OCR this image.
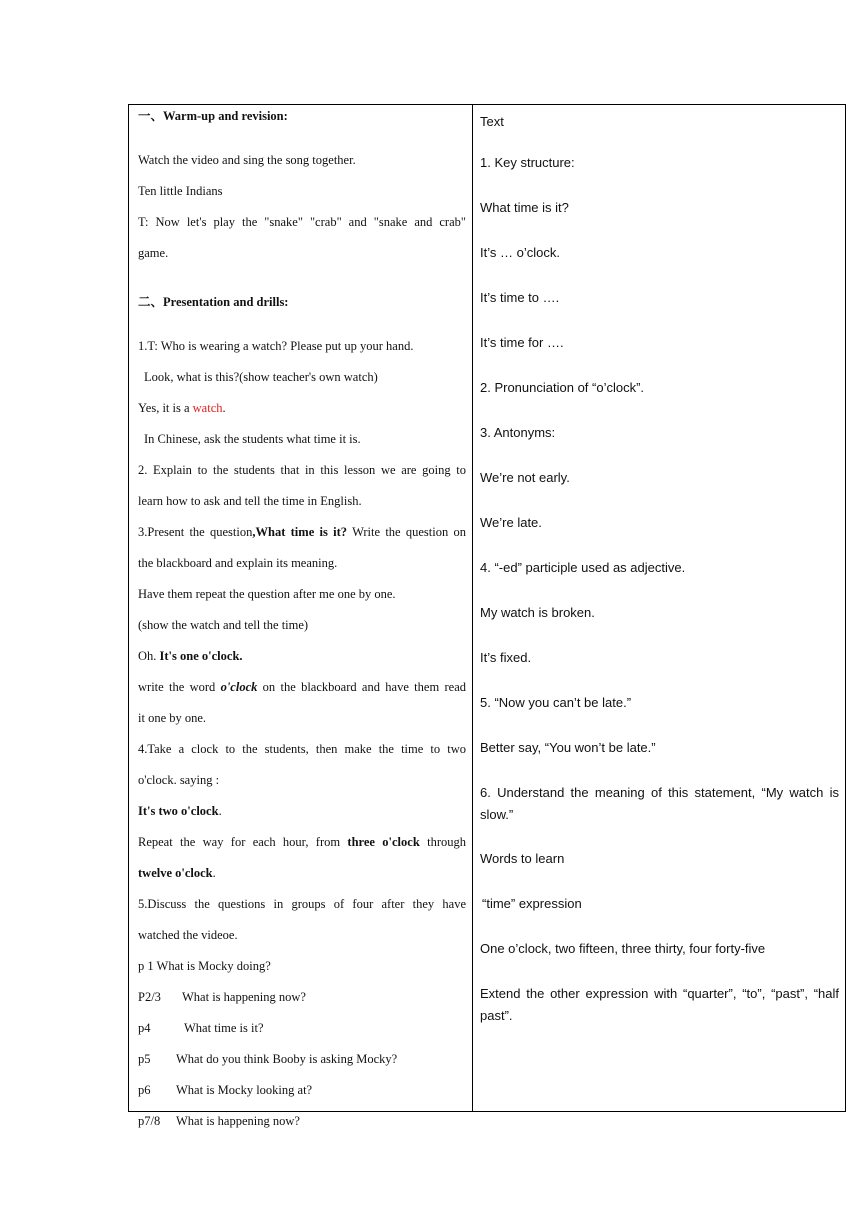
一、Warm-up and revision:
Watch the video and sing the song together.
Ten little Indians
T: Now let's play the "snake" "crab" and "snake and crab"
game.
二、Presentation and drills:
1.T: Who is wearing a watch? Please put up your hand.
Look, what is this?(show teacher's own watch)
Yes, it is a watch.
In Chinese, ask the students what time it is.
2. Explain to the students that in this lesson we are going to
learn how to ask and tell the time in English.
3.Present the question,What time is it? Write the question on
the blackboard and explain its meaning.
Have them repeat the question after me one by one.
(show the watch and tell the time)
Oh. It's one o'clock.
write the word o'clock on the blackboard and have them read
it one by one.
4.Take a clock to the students, then make the time to two
o'clock. saying :
It's two o'clock.
Repeat the way for each hour, from three o'clock through
twelve o'clock.
5.Discuss the questions in groups of four after they have
watched the videoe.
p 1 What is Mocky doing?
P2/3 What is happening now?
p4	What time is it?
p5 What do you think Booby is asking Mocky?
p6 What is Mocky looking at?
p7/8 What is happening now?

Text
1. Key structure:
What time is it?
It’s … o’clock.
It’s time to ….
It’s time for ….
2. Pronunciation of “o’clock”.
3. Antonyms:
We’re not early.
We’re late.
4. “-ed” participle used as adjective.
My watch is broken.
It’s fixed.
5. “Now you can’t be late.”
Better say, “You won’t be late.”
6. Understand the meaning of this statement, “My watch is slow.”
Words to learn
“time” expression
One o’clock, two fifteen, three thirty, four forty-five
Extend the other expression with “quarter”, “to”, “past”, “half past”.
